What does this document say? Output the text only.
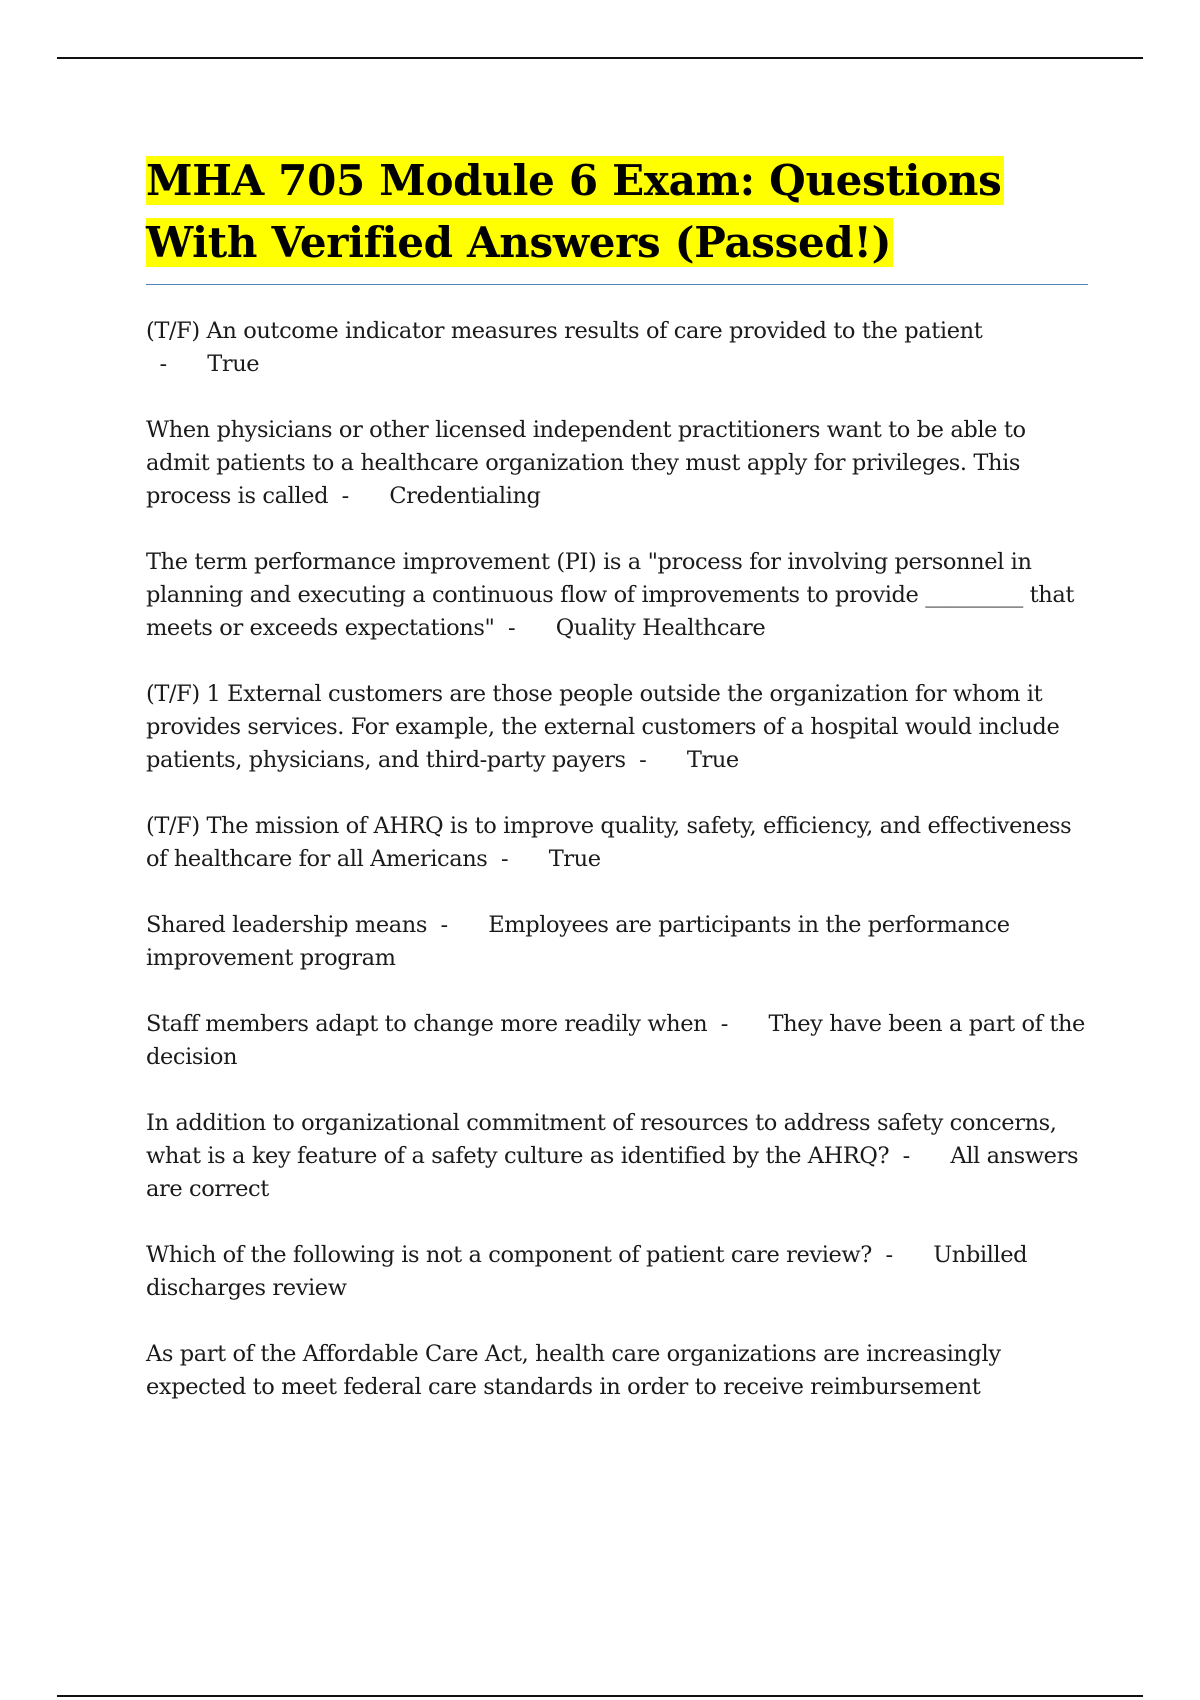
MHA 705 Module 6 Exam: Questions With Verified Answers (Passed!)

(T/F) An outcome indicator measures results of care provided to the patient  -      True

When physicians or other licensed independent practitioners want to be able to admit patients to a healthcare organization they must apply for privileges. This process is called  -      Credentialing

The term performance improvement (PI) is a "process for involving personnel in planning and executing a continuous flow of improvements to provide _________ that meets or exceeds expectations"  -      Quality Healthcare

(T/F) 1 External customers are those people outside the organization for whom it provides services. For example, the external customers of a hospital would include patients, physicians, and third-party payers  -      True

(T/F) The mission of AHRQ is to improve quality, safety, efficiency, and effectiveness of healthcare for all Americans  -      True

Shared leadership means  -      Employees are participants in the performance improvement program

Staff members adapt to change more readily when  -      They have been a part of the decision

In addition to organizational commitment of resources to address safety concerns, what is a key feature of a safety culture as identified by the AHRQ?  -      All answers are correct

Which of the following is not a component of patient care review?  -      Unbilled discharges review

As part of the Affordable Care Act, health care organizations are increasingly expected to meet federal care standards in order to receive reimbursement
